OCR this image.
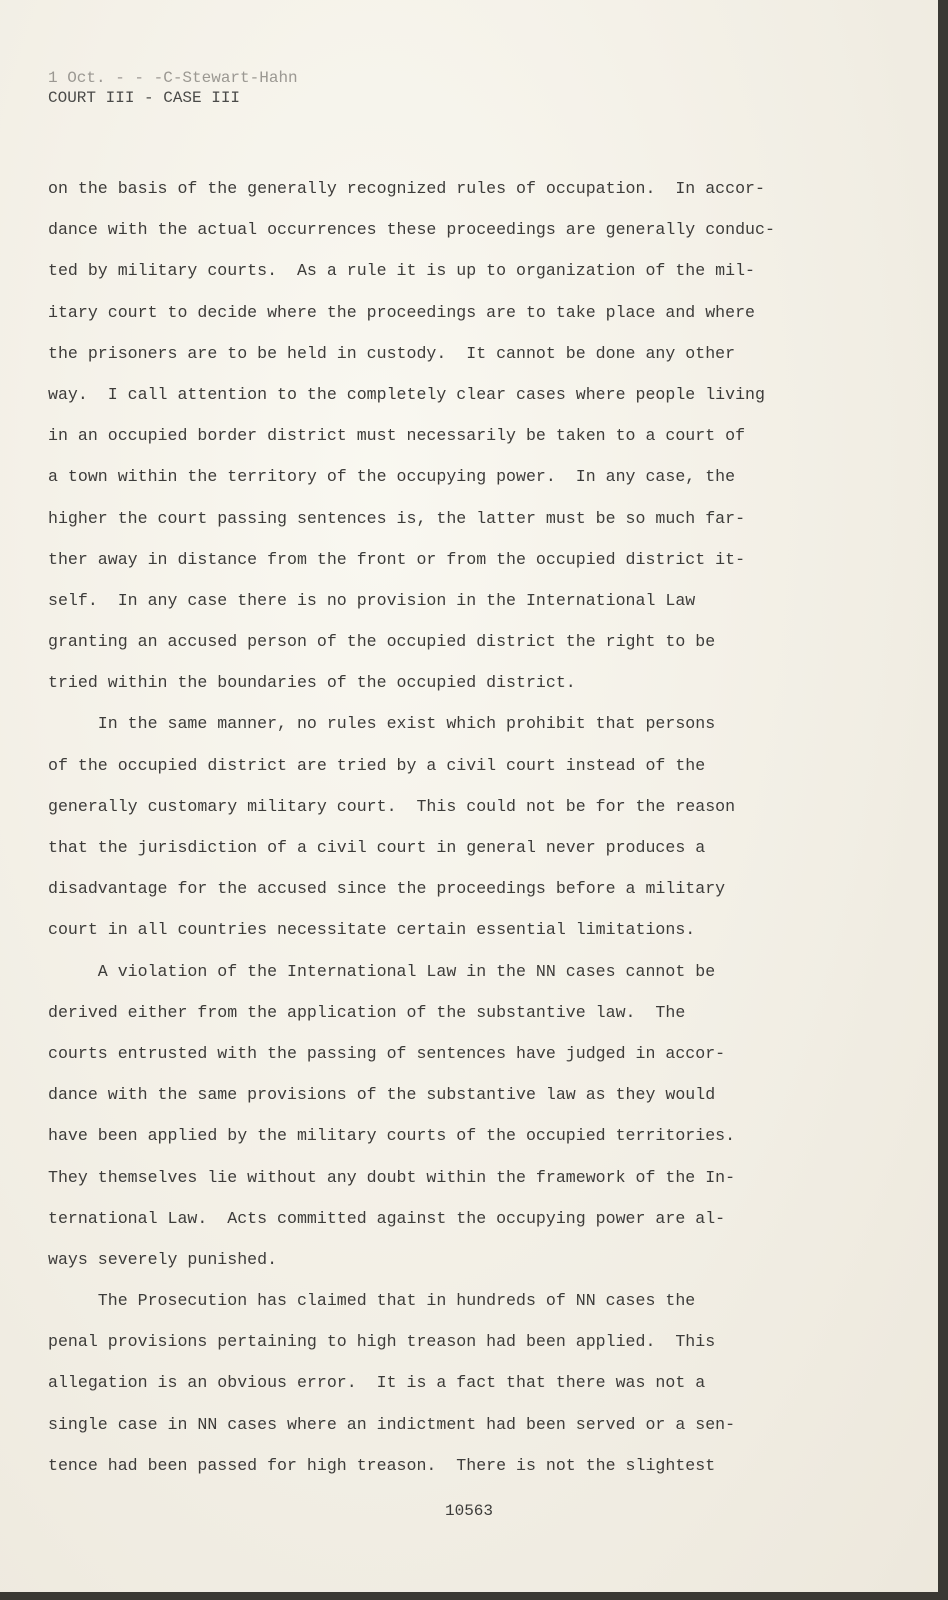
1 Oct. - - -C-Stewart-Hahn
COURT III - CASE III
on the basis of the generally recognized rules of occupation.  In accor-
dance with the actual occurrences these proceedings are generally conduc-
ted by military courts.  As a rule it is up to organization of the mil-
itary court to decide where the proceedings are to take place and where
the prisoners are to be held in custody.  It cannot be done any other
way.  I call attention to the completely clear cases where people living
in an occupied border district must necessarily be taken to a court of
a town within the territory of the occupying power.  In any case, the
higher the court passing sentences is, the latter must be so much far-
ther away in distance from the front or from the occupied district it-
self.  In any case there is no provision in the International Law
granting an accused person of the occupied district the right to be
tried within the boundaries of the occupied district.
In the same manner, no rules exist which prohibit that persons
of the occupied district are tried by a civil court instead of the
generally customary military court.  This could not be for the reason
that the jurisdiction of a civil court in general never produces a
disadvantage for the accused since the proceedings before a military
court in all countries necessitate certain essential limitations.
A violation of the International Law in the NN cases cannot be
derived either from the application of the substantive law.  The
courts entrusted with the passing of sentences have judged in accor-
dance with the same provisions of the substantive law as they would
have been applied by the military courts of the occupied territories.
They themselves lie without any doubt within the framework of the In-
ternational Law.  Acts committed against the occupying power are al-
ways severely punished.
The Prosecution has claimed that in hundreds of NN cases the
penal provisions pertaining to high treason had been applied.  This
allegation is an obvious error.  It is a fact that there was not a
single case in NN cases where an indictment had been served or a sen-
tence had been passed for high treason.  There is not the slightest
10563
